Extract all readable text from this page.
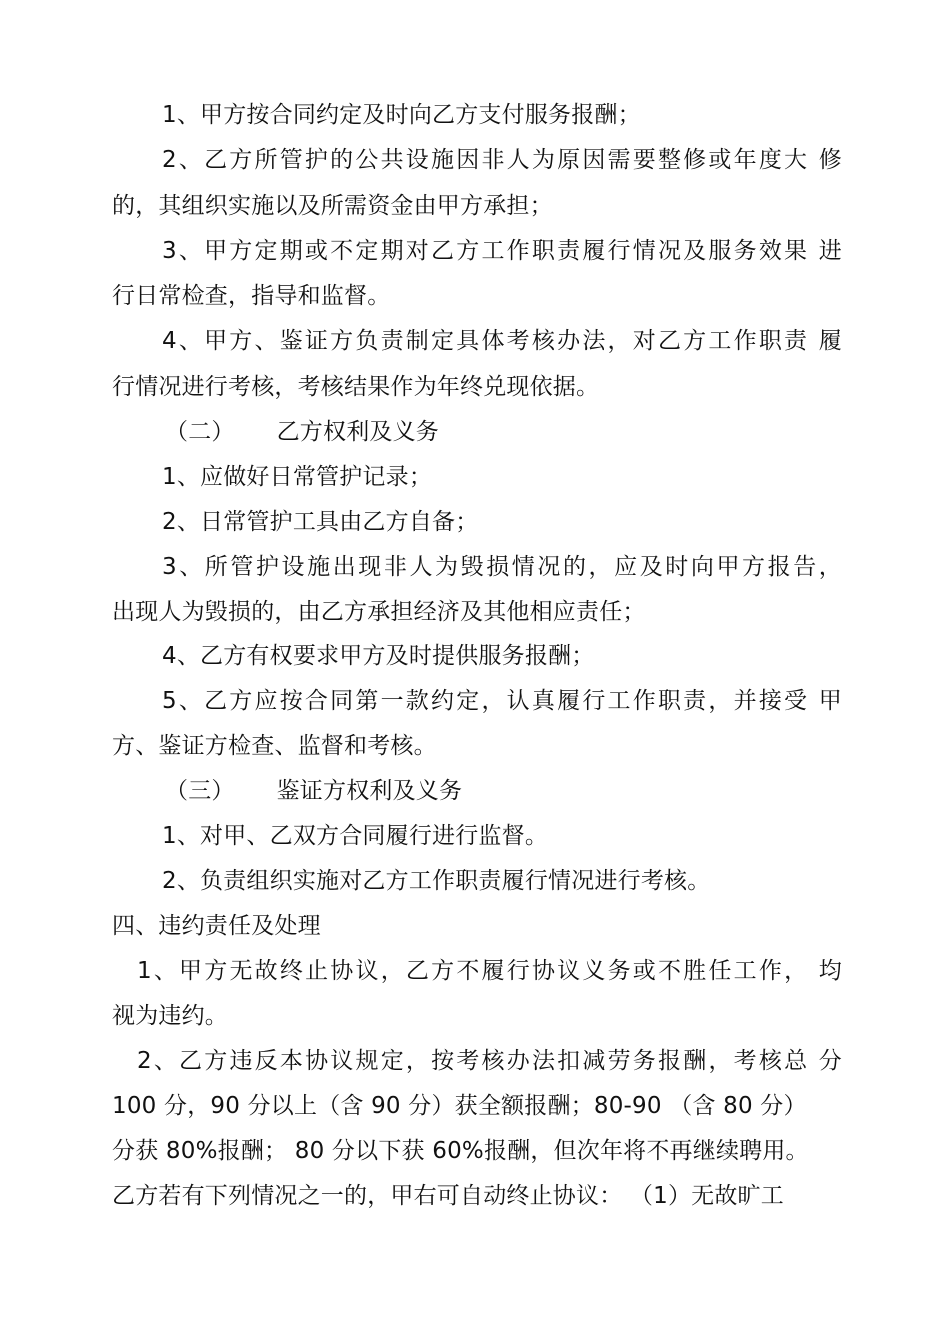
1、甲方按合同约定及时向乙方支付服务报酬；
2、乙方所管护的公共设施因非人为原因需要整修或年度大 修
的，其组织实施以及所需资金由甲方承担；
3、甲方定期或不定期对乙方工作职责履行情况及服务效果 进
行日常检查，指导和监督。
4、甲方、鉴证方负责制定具体考核办法，对乙方工作职责 履
行情况进行考核，考核结果作为年终兑现依据。
（二） 乙方权利及义务
1、应做好日常管护记录；
2、日常管护工具由乙方自备；
3、所管护设施出现非人为毁损情况的，应及时向甲方报告，
出现人为毁损的，由乙方承担经济及其他相应责任；
4、乙方有权要求甲方及时提供服务报酬；
5、乙方应按合同第一款约定，认真履行工作职责，并接受 甲
方、鉴证方检查、监督和考核。
（三） 鉴证方权利及义务
1、对甲、乙双方合同履行进行监督。
2、负责组织实施对乙方工作职责履行情况进行考核。
四、违约责任及处理
1、甲方无故终止协议，乙方不履行协议义务或不胜任工作， 均
视为违约。
2、乙方违反本协议规定，按考核办法扣减劳务报酬，考核总 分
100 分，90 分以上（含 90 分）获全额报酬；80-90 （含 80 分）
分获 80%报酬； 80 分以下获 60%报酬，但次年将不再继续聘用。
乙方若有下列情况之一的，甲右可自动终止协议： （1）无故旷工
